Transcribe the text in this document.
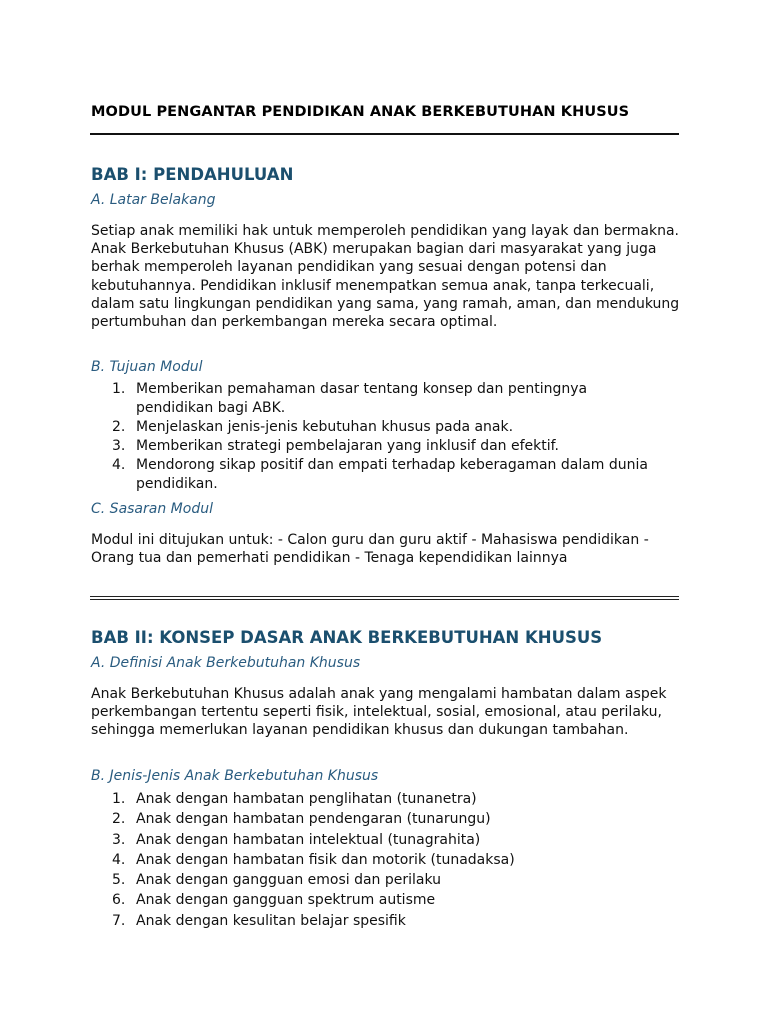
MODUL PENGANTAR PENDIDIKAN ANAK BERKEBUTUHAN KHUSUS
BAB I: PENDAHULUAN
A. Latar Belakang

Setiap anak memiliki hak untuk memperoleh pendidikan yang layak dan bermakna. Anak Berkebutuhan Khusus (ABK) merupakan bagian dari masyarakat yang juga berhak memperoleh layanan pendidikan yang sesuai dengan potensi dan kebutuhannya. Pendidikan inklusif menempatkan semua anak, tanpa terkecuali, dalam satu lingkungan pendidikan yang sama, yang ramah, aman, dan mendukung pertumbuhan dan perkembangan mereka secara optimal.

B. Tujuan Modul
1. Memberikan pemahaman dasar tentang konsep dan pentingnya pendidikan bagi ABK.
2. Menjelaskan jenis-jenis kebutuhan khusus pada anak.
3. Memberikan strategi pembelajaran yang inklusif dan efektif.
4. Mendorong sikap positif dan empati terhadap keberagaman dalam dunia pendidikan.
C. Sasaran Modul

Modul ini ditujukan untuk: - Calon guru dan guru aktif - Mahasiswa pendidikan - Orang tua dan pemerhati pendidikan - Tenaga kependidikan lainnya

BAB II: KONSEP DASAR ANAK BERKEBUTUHAN KHUSUS
A. Definisi Anak Berkebutuhan Khusus

Anak Berkebutuhan Khusus adalah anak yang mengalami hambatan dalam aspek perkembangan tertentu seperti fisik, intelektual, sosial, emosional, atau perilaku, sehingga memerlukan layanan pendidikan khusus dan dukungan tambahan.

B. Jenis-Jenis Anak Berkebutuhan Khusus
1. Anak dengan hambatan penglihatan (tunanetra)
2. Anak dengan hambatan pendengaran (tunarungu)
3. Anak dengan hambatan intelektual (tunagrahita)
4. Anak dengan hambatan fisik dan motorik (tunadaksa)
5. Anak dengan gangguan emosi dan perilaku
6. Anak dengan gangguan spektrum autisme
7. Anak dengan kesulitan belajar spesifik
